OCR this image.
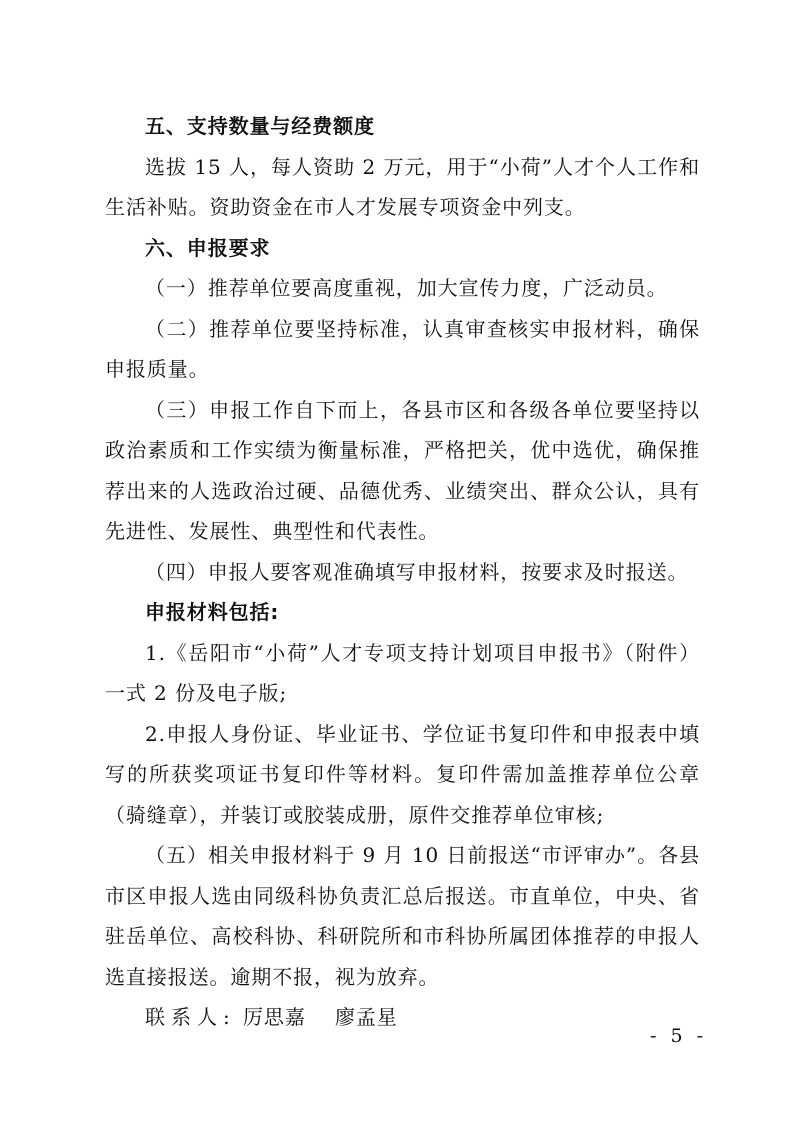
五、支持数量与经费额度

选拔 15 人，每人资助 2 万元，用于“小荷”人才个人工作和生活补贴。资助资金在市人才发展专项资金中列支。

六、申报要求

（一）推荐单位要高度重视，加大宣传力度，广泛动员。

（二）推荐单位要坚持标准，认真审查核实申报材料，确保申报质量。

（三）申报工作自下而上，各县市区和各级各单位要坚持以政治素质和工作实绩为衡量标准，严格把关，优中选优，确保推荐出来的人选政治过硬、品德优秀、业绩突出、群众公认，具有先进性、发展性、典型性和代表性。

（四）申报人要客观准确填写申报材料，按要求及时报送。

申报材料包括:

1.《岳阳市“小荷”人才专项支持计划项目申报书》（附件）一式 2 份及电子版;

2.申报人身份证、毕业证书、学位证书复印件和申报表中填写的所获奖项证书复印件等材料。复印件需加盖推荐单位公章（骑缝章），并装订或胶装成册，原件交推荐单位审核;

（五）相关申报材料于 9 月 10 日前报送“市评审办”。各县市区申报人选由同级科协负责汇总后报送。市直单位，中央、省驻岳单位、高校科协、科研院所和市科协所属团体推荐的申报人选直接报送。逾期不报，视为放弃。

联系人: 厉思嘉 廖孟星

- 5 -
